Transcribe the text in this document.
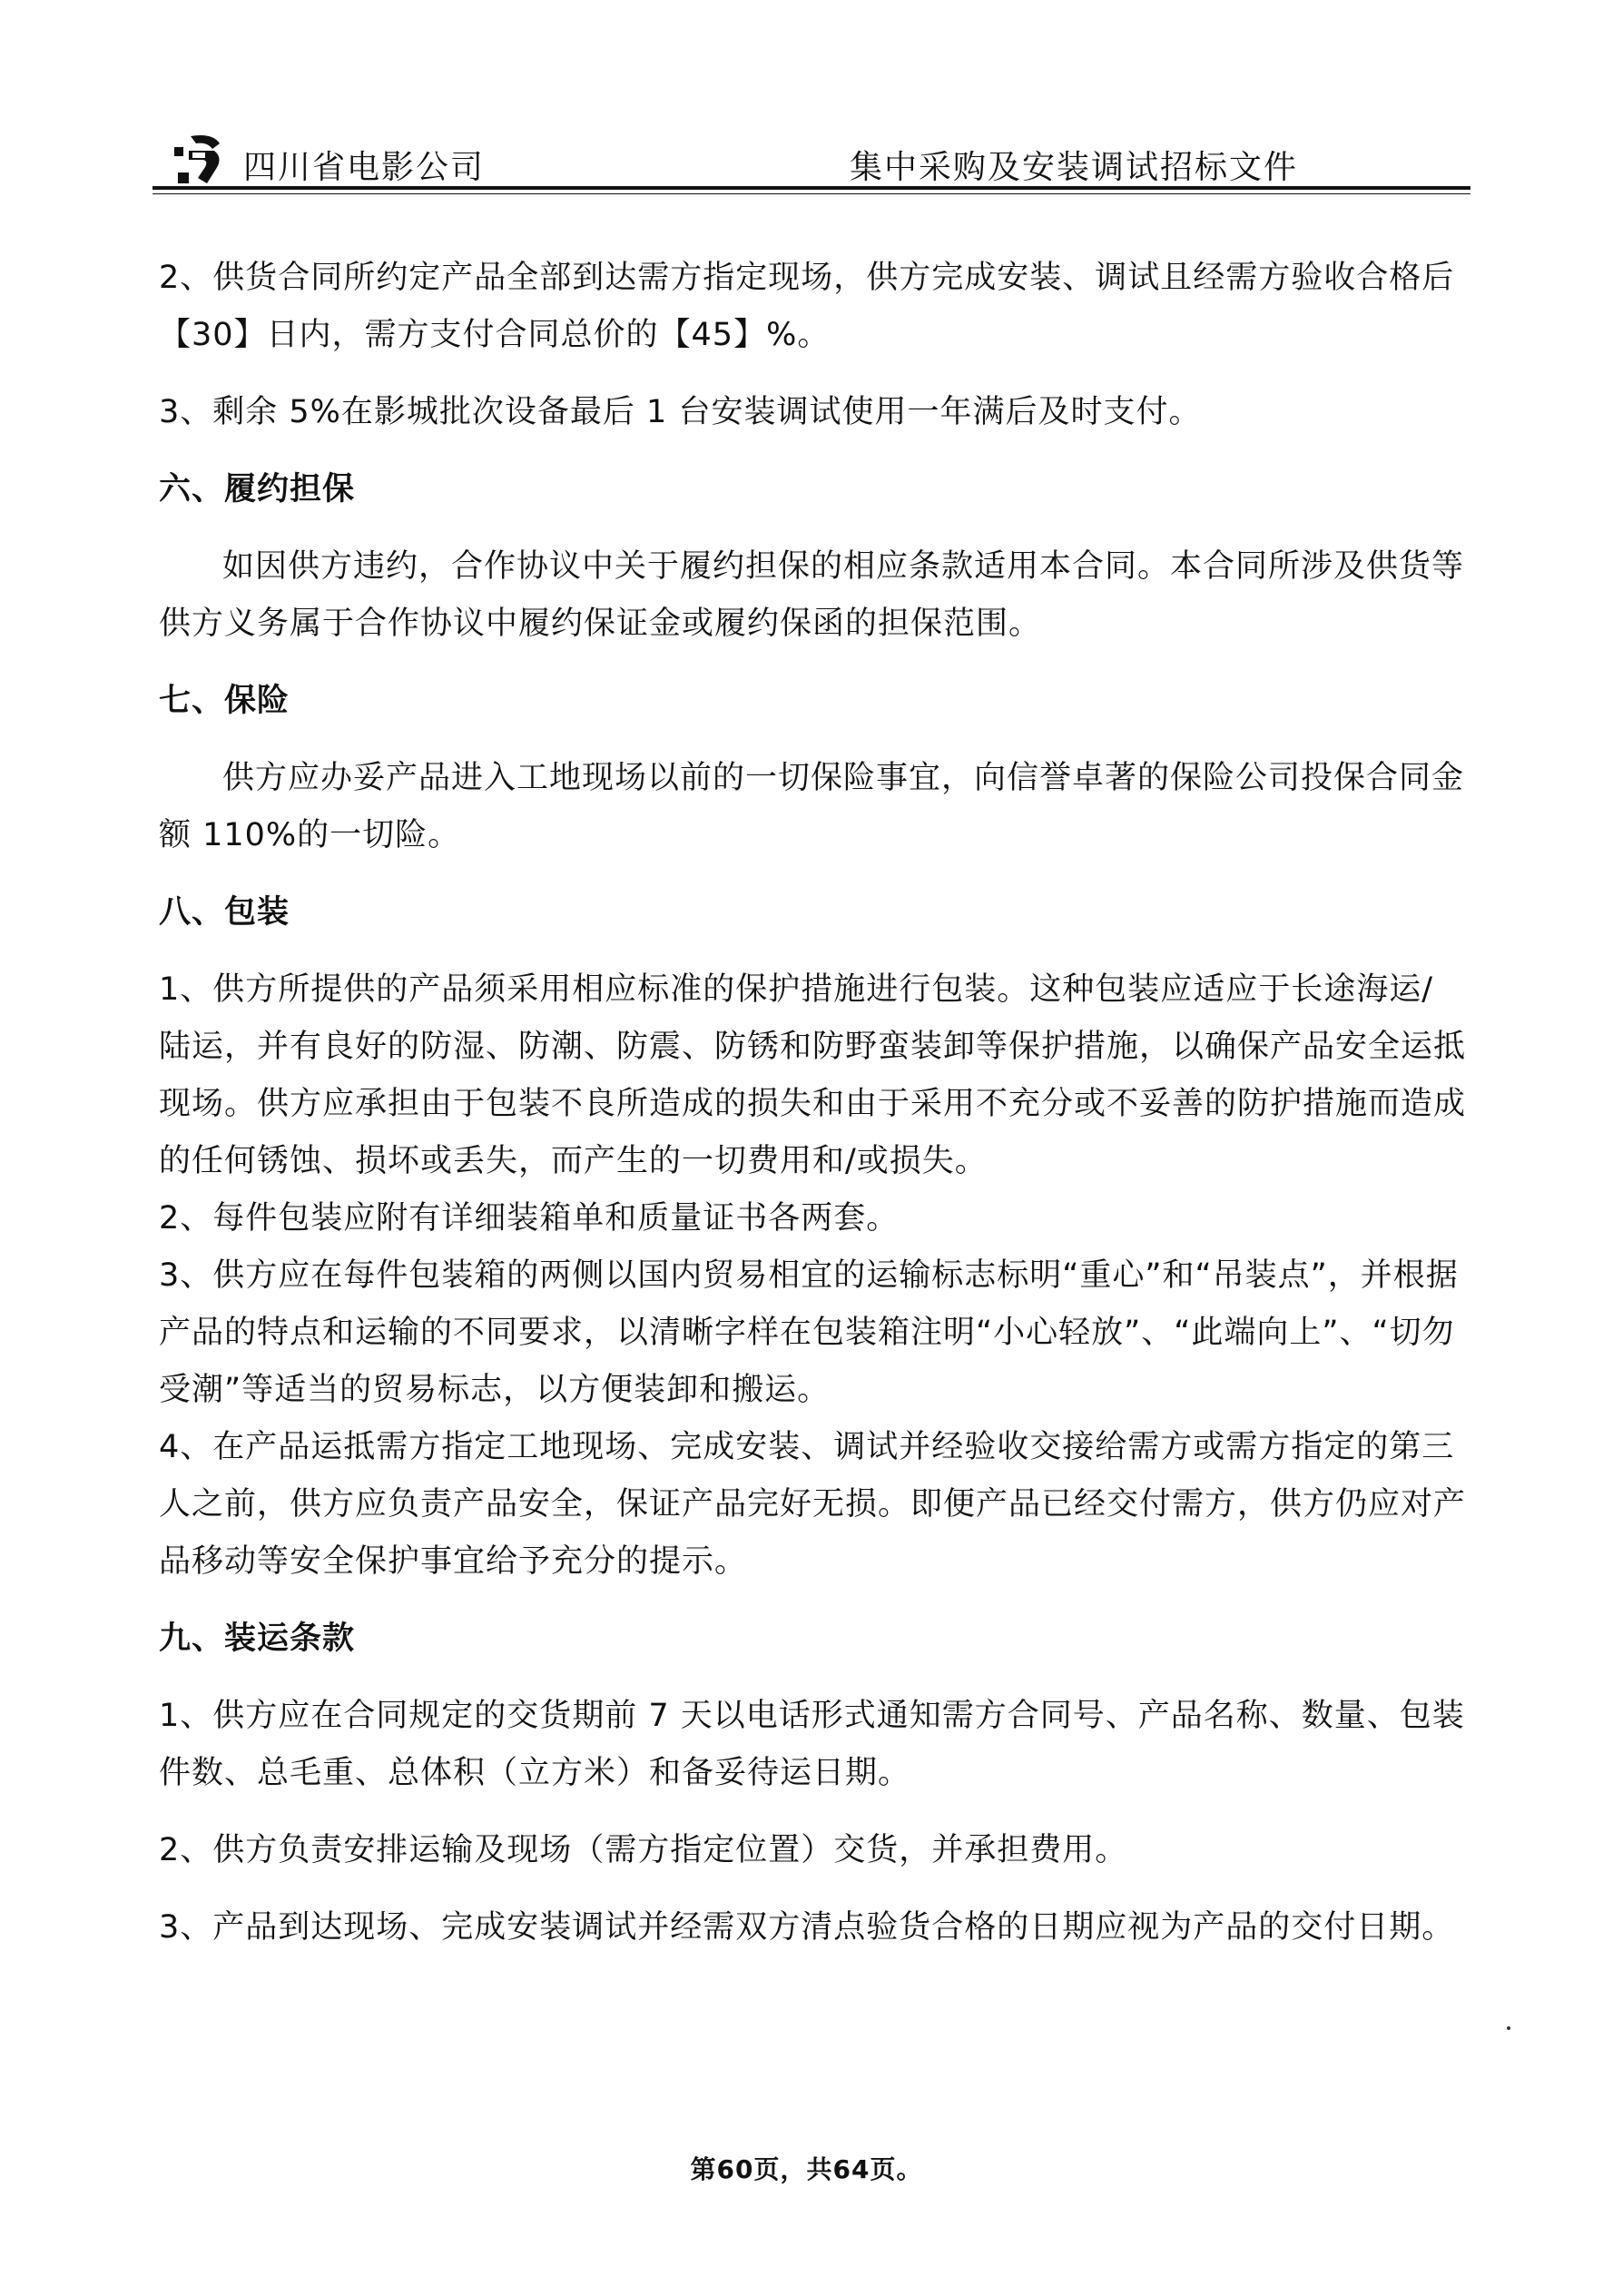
四川省电影公司	集中采购及安装调试招标文件

2、供货合同所约定产品全部到达需方指定现场，供方完成安装、调试且经需方验收合格后【30】日内，需方支付合同总价的【45】%。

3、剩余 5%在影城批次设备最后 1 台安装调试使用一年满后及时支付。

六、履约担保

如因供方违约，合作协议中关于履约担保的相应条款适用本合同。本合同所涉及供货等供方义务属于合作协议中履约保证金或履约保函的担保范围。

七、保险

供方应办妥产品进入工地现场以前的一切保险事宜，向信誉卓著的保险公司投保合同金额 110%的一切险。

八、包装

1、供方所提供的产品须采用相应标准的保护措施进行包装。这种包装应适应于长途海运/陆运，并有良好的防湿、防潮、防震、防锈和防野蛮装卸等保护措施，以确保产品安全运抵现场。供方应承担由于包装不良所造成的损失和由于采用不充分或不妥善的防护措施而造成的任何锈蚀、损坏或丢失，而产生的一切费用和/或损失。

2、每件包装应附有详细装箱单和质量证书各两套。

3、供方应在每件包装箱的两侧以国内贸易相宜的运输标志标明“重心”和“吊装点”，并根据产品的特点和运输的不同要求，以清晰字样在包装箱注明“小心轻放”、“此端向上”、“切勿受潮”等适当的贸易标志，以方便装卸和搬运。

4、在产品运抵需方指定工地现场、完成安装、调试并经验收交接给需方或需方指定的第三人之前，供方应负责产品安全，保证产品完好无损。即便产品已经交付需方，供方仍应对产品移动等安全保护事宜给予充分的提示。

九、装运条款

1、供方应在合同规定的交货期前 7 天以电话形式通知需方合同号、产品名称、数量、包装件数、总毛重、总体积（立方米）和备妥待运日期。

2、供方负责安排运输及现场（需方指定位置）交货，并承担费用。

3、产品到达现场、完成安装调试并经需双方清点验货合格的日期应视为产品的交付日期。

第60页，共64页。
